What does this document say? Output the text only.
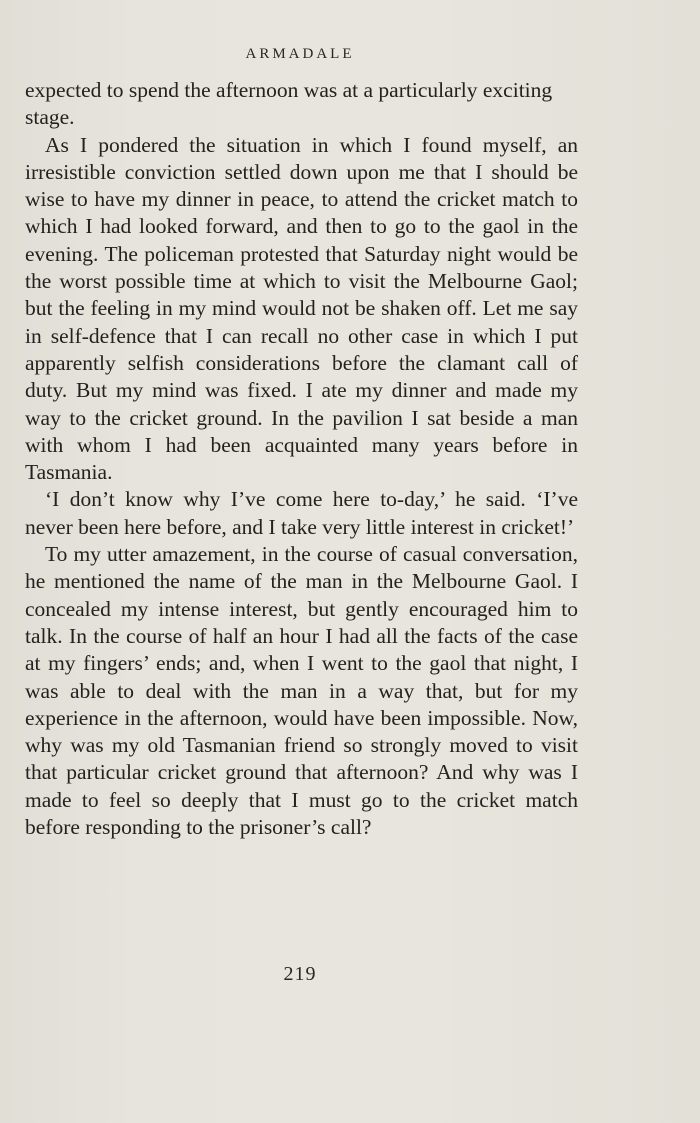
ARMADALE

expected to spend the afternoon was at a particularly exciting stage.

As I pondered the situation in which I found myself, an irresistible conviction settled down upon me that I should be wise to have my dinner in peace, to attend the cricket match to which I had looked forward, and then to go to the gaol in the evening. The policeman protested that Saturday night would be the worst possible time at which to visit the Melbourne Gaol; but the feeling in my mind would not be shaken off. Let me say in self-defence that I can recall no other case in which I put apparently selfish considerations before the clamant call of duty. But my mind was fixed. I ate my dinner and made my way to the cricket ground. In the pavilion I sat beside a man with whom I had been acquainted many years before in Tasmania.

‘I don’t know why I’ve come here to-day,’ he said. ‘I’ve never been here before, and I take very little interest in cricket!’

To my utter amazement, in the course of casual conversation, he mentioned the name of the man in the Melbourne Gaol. I concealed my intense interest, but gently encouraged him to talk. In the course of half an hour I had all the facts of the case at my fingers’ ends; and, when I went to the gaol that night, I was able to deal with the man in a way that, but for my experience in the afternoon, would have been impossible. Now, why was my old Tasmanian friend so strongly moved to visit that particular cricket ground that afternoon? And why was I made to feel so deeply that I must go to the cricket match before responding to the prisoner’s call?

219
